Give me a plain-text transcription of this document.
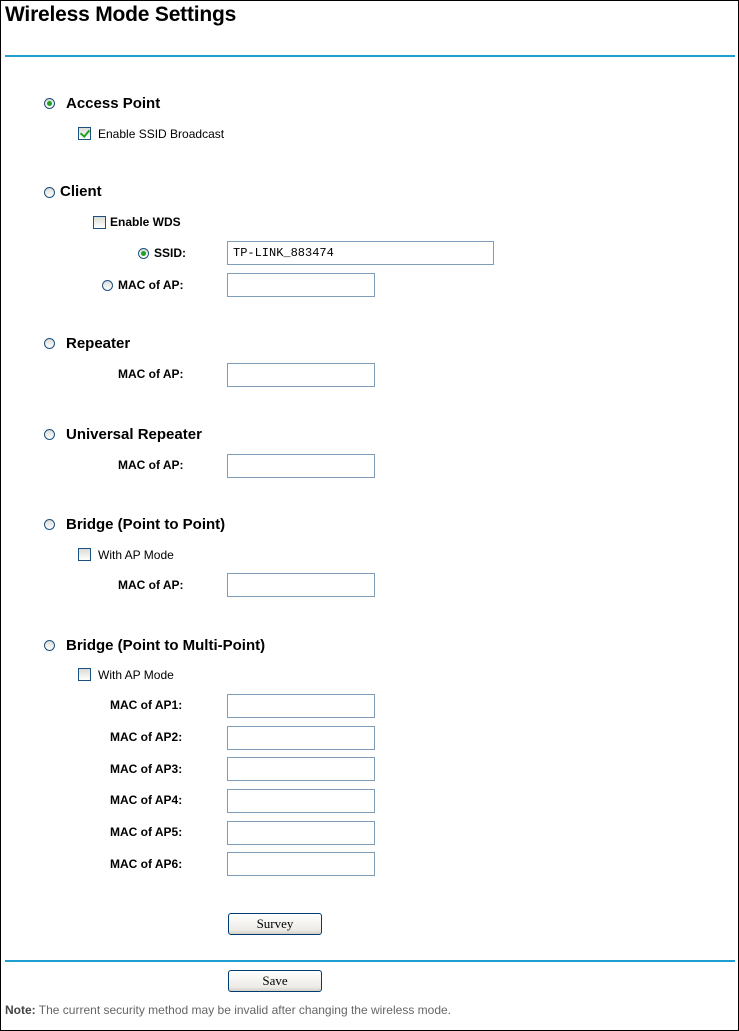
Wireless Mode Settings
Access Point
Enable SSID Broadcast
Client
Enable WDS
SSID:	TP-LINK_883474
MAC of AP:
Repeater
MAC of AP:
Universal Repeater
MAC of AP:
Bridge (Point to Point)
With AP Mode
MAC of AP:
Bridge (Point to Multi-Point)
With AP Mode
MAC of AP1:
MAC of AP2:
MAC of AP3:
MAC of AP4:
MAC of AP5:
MAC of AP6:
Survey
Save
Note: The current security method may be invalid after changing the wireless mode.
